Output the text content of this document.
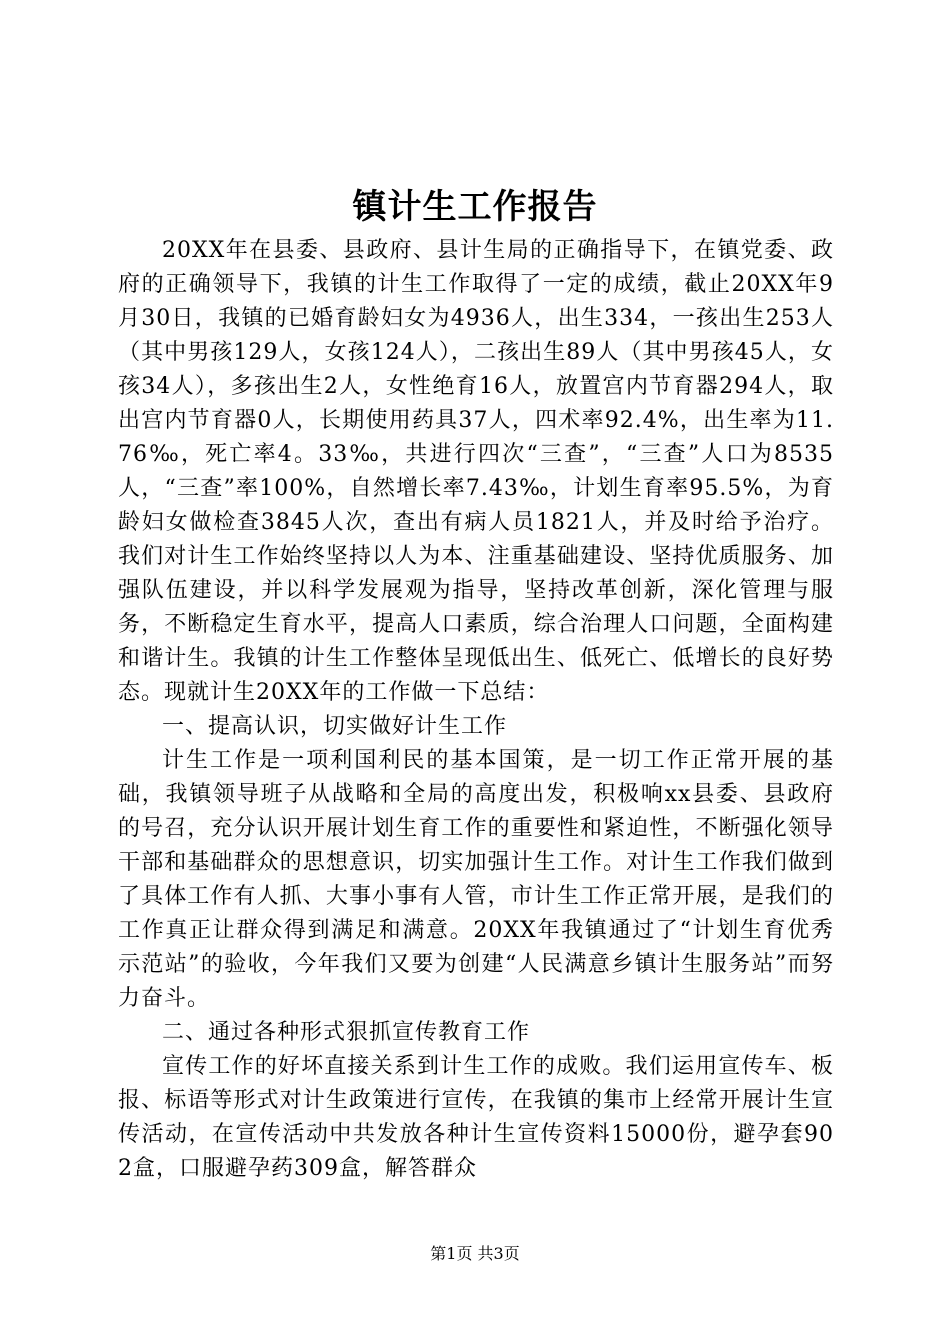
镇计生工作报告

20XX年在县委、县政府、县计生局的正确指导下，在镇党委、政府的正确领导下，我镇的计生工作取得了一定的成绩，截止20XX年9月30日，我镇的已婚育龄妇女为4936人，出生334，一孩出生253人（其中男孩129人，女孩124人），二孩出生89人（其中男孩45人，女孩34人），多孩出生2人，女性绝育16人，放置宫内节育器294人，取出宫内节育器0人，长期使用药具37人，四术率92.4%，出生率为11.76‰，死亡率4。33‰，共进行四次“三查”，“三查”人口为8535人，“三查”率100%，自然增长率7.43‰，计划生育率95.5%，为育龄妇女做检查3845人次，查出有病人员1821人，并及时给予治疗。我们对计生工作始终坚持以人为本、注重基础建设、坚持优质服务、加强队伍建设，并以科学发展观为指导，坚持改革创新，深化管理与服务，不断稳定生育水平，提高人口素质，综合治理人口问题，全面构建和谐计生。我镇的计生工作整体呈现低出生、低死亡、低增长的良好势态。现就计生20XX年的工作做一下总结：

一、提高认识，切实做好计生工作

计生工作是一项利国利民的基本国策，是一切工作正常开展的基础，我镇领导班子从战略和全局的高度出发，积极响xx县委、县政府的号召，充分认识开展计划生育工作的重要性和紧迫性，不断强化领导干部和基础群众的思想意识，切实加强计生工作。对计生工作我们做到了具体工作有人抓、大事小事有人管，市计生工作正常开展，是我们的工作真正让群众得到满足和满意。20XX年我镇通过了“计划生育优秀示范站”的验收，今年我们又要为创建“人民满意乡镇计生服务站”而努力奋斗。

二、通过各种形式狠抓宣传教育工作

宣传工作的好坏直接关系到计生工作的成败。我们运用宣传车、板报、标语等形式对计生政策进行宣传，在我镇的集市上经常开展计生宣传活动，在宣传活动中共发放各种计生宣传资料15000份，避孕套902盒，口服避孕药309盒，解答群众

第1页 共3页
